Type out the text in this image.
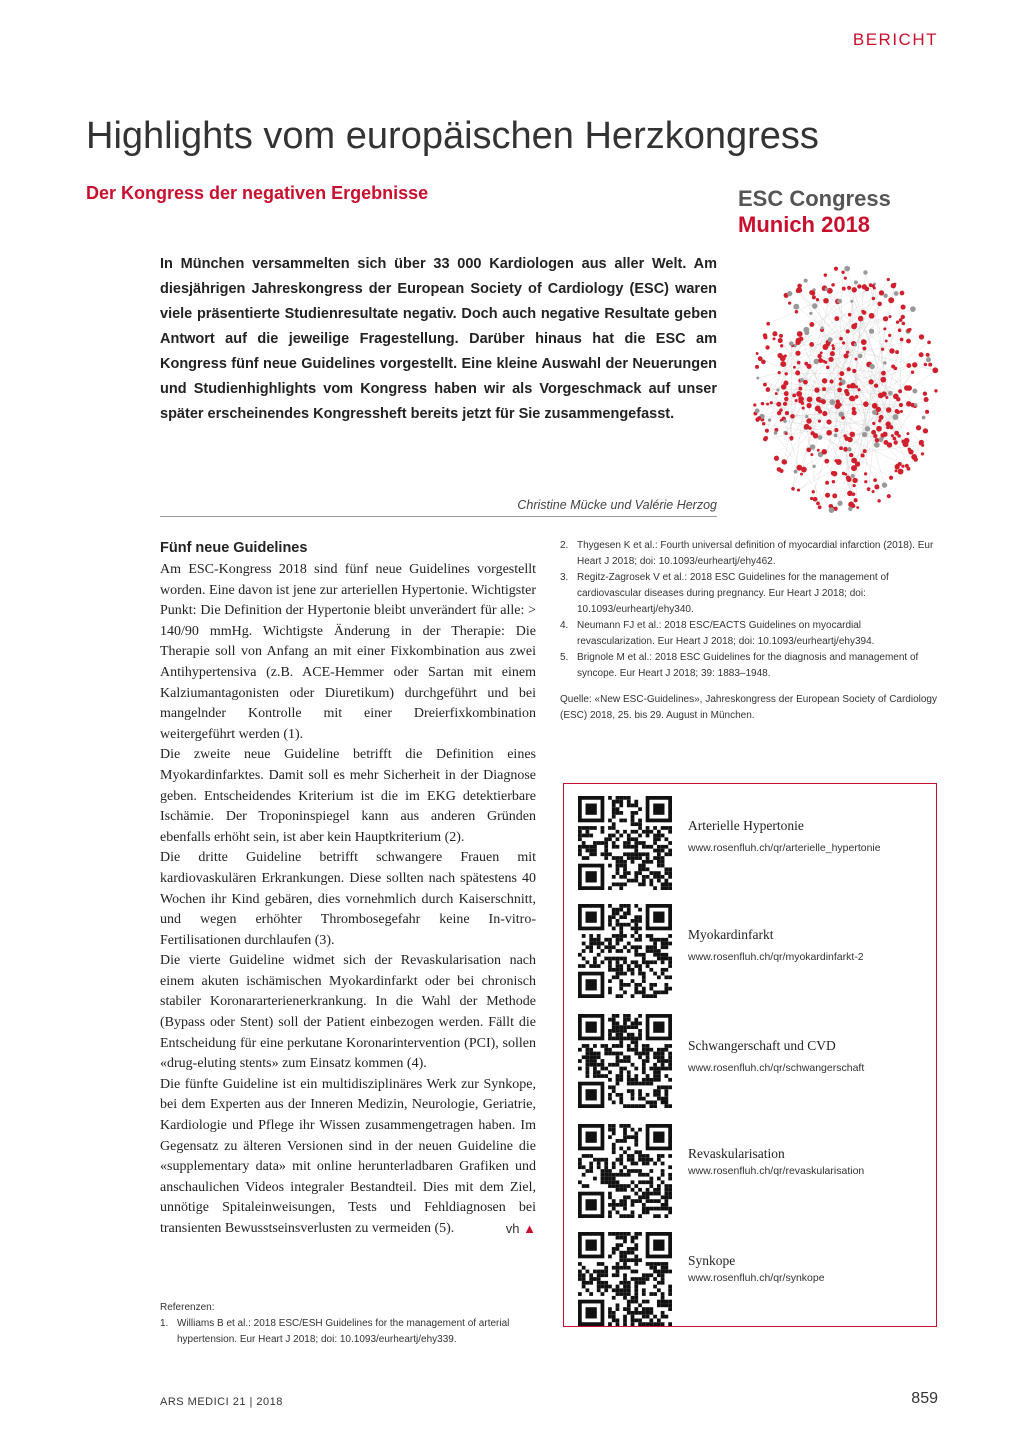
BERICHT
Highlights vom europäischen Herzkongress
Der Kongress der negativen Ergebnisse	ESC Congress
Munich 2018
In München versammelten sich über 33 000 Kardiologen aus aller Welt. Am diesjährigen Jahreskongress der European Society of Cardiology (ESC) waren viele präsentierte Studienresultate negativ. Doch auch negative Resultate geben Antwort auf die jeweilige Fragestellung. Darüber hinaus hat die ESC am Kongress fünf neue Guidelines vorgestellt. Eine kleine Auswahl der Neuerungen und Studienhighlights vom Kongress haben wir als Vorgeschmack auf unser später erscheinendes Kongressheft bereits jetzt für Sie zusammengefasst.
Christine Mücke und Valérie Herzog
Fünf neue Guidelines

Am ESC-Kongress 2018 sind fünf neue Guidelines vorgestellt worden. Eine davon ist jene zur arteriellen Hypertonie. Wichtigster Punkt: Die Definition der Hypertonie bleibt unverändert für alle: > 140/90 mmHg. Wichtigste Änderung in der Therapie: Die Therapie soll von Anfang an mit einer Fixkombination aus zwei Antihypertensiva (z.B. ACE-Hemmer oder Sartan mit einem Kalziumantagonisten oder Diuretikum) durchgeführt und bei mangelnder Kontrolle mit einer Dreierfixkombination weitergeführt werden (1).

Die zweite neue Guideline betrifft die Definition eines Myokardinfarktes. Damit soll es mehr Sicherheit in der Diagnose geben. Entscheidendes Kriterium ist die im EKG detektierbare Ischämie. Der Troponinspiegel kann aus anderen Gründen ebenfalls erhöht sein, ist aber kein Hauptkriterium (2).

Die dritte Guideline betrifft schwangere Frauen mit kardiovaskulären Erkrankungen. Diese sollten nach spätestens 40 Wochen ihr Kind gebären, dies vornehmlich durch Kaiserschnitt, und wegen erhöhter Thrombosegefahr keine In-vitro-Fertilisationen durchlaufen (3).

Die vierte Guideline widmet sich der Revaskularisation nach einem akuten ischämischen Myokardinfarkt oder bei chronisch stabiler Koronararterienerkrankung. In die Wahl der Methode (Bypass oder Stent) soll der Patient einbezogen werden. Fällt die Entscheidung für eine perkutane Koronarintervention (PCI), sollen «drug-eluting stents» zum Einsatz kommen (4).

Die fünfte Guideline ist ein multidisziplinäres Werk zur Synkope, bei dem Experten aus der Inneren Medizin, Neurologie, Geriatrie, Kardiologie und Pflege ihr Wissen zusammengetragen haben. Im Gegensatz zu älteren Versionen sind in der neuen Guideline die «supplementary data» mit online herunterladbaren Grafiken und anschaulichen Videos integraler Bestandteil. Dies mit dem Ziel, unnötige Spitaleinweisungen, Tests und Fehldiagnosen bei transienten Bewusstseinsverlusten zu vermeiden (5).	vh ▲

Referenzen:
1. Williams B et al.: 2018 ESC/ESH Guidelines for the management of arterial hypertension. Eur Heart J 2018; doi: 10.1093/eurheartj/ehy339.
2. Thygesen K et al.: Fourth universal definition of myocardial infarction (2018). Eur Heart J 2018; doi: 10.1093/eurheartj/ehy462.
3. Regitz-Zagrosek V et al.: 2018 ESC Guidelines for the management of cardiovascular diseases during pregnancy. Eur Heart J 2018; doi: 10.1093/eurheartj/ehy340.
4. Neumann FJ et al.: 2018 ESC/EACTS Guidelines on myocardial revascularization. Eur Heart J 2018; doi: 10.1093/eurheartj/ehy394.
5. Brignole M et al.: 2018 ESC Guidelines for the diagnosis and management of syncope. Eur Heart J 2018; 39: 1883–1948.
Quelle: «New ESC-Guidelines», Jahreskongress der European Society of Cardiology (ESC) 2018, 25. bis 29. August in München.
Arterielle Hypertonie
www.rosenfluh.ch/qr/arterielle_hypertonie
Myokardinfarkt
www.rosenfluh.ch/qr/myokardinfarkt-2
Schwangerschaft und CVD
www.rosenfluh.ch/qr/schwangerschaft
Revaskularisation
www.rosenfluh.ch/qr/revaskularisation
Synkope
www.rosenfluh.ch/qr/synkope
ARS MEDICI 21 | 2018	859
